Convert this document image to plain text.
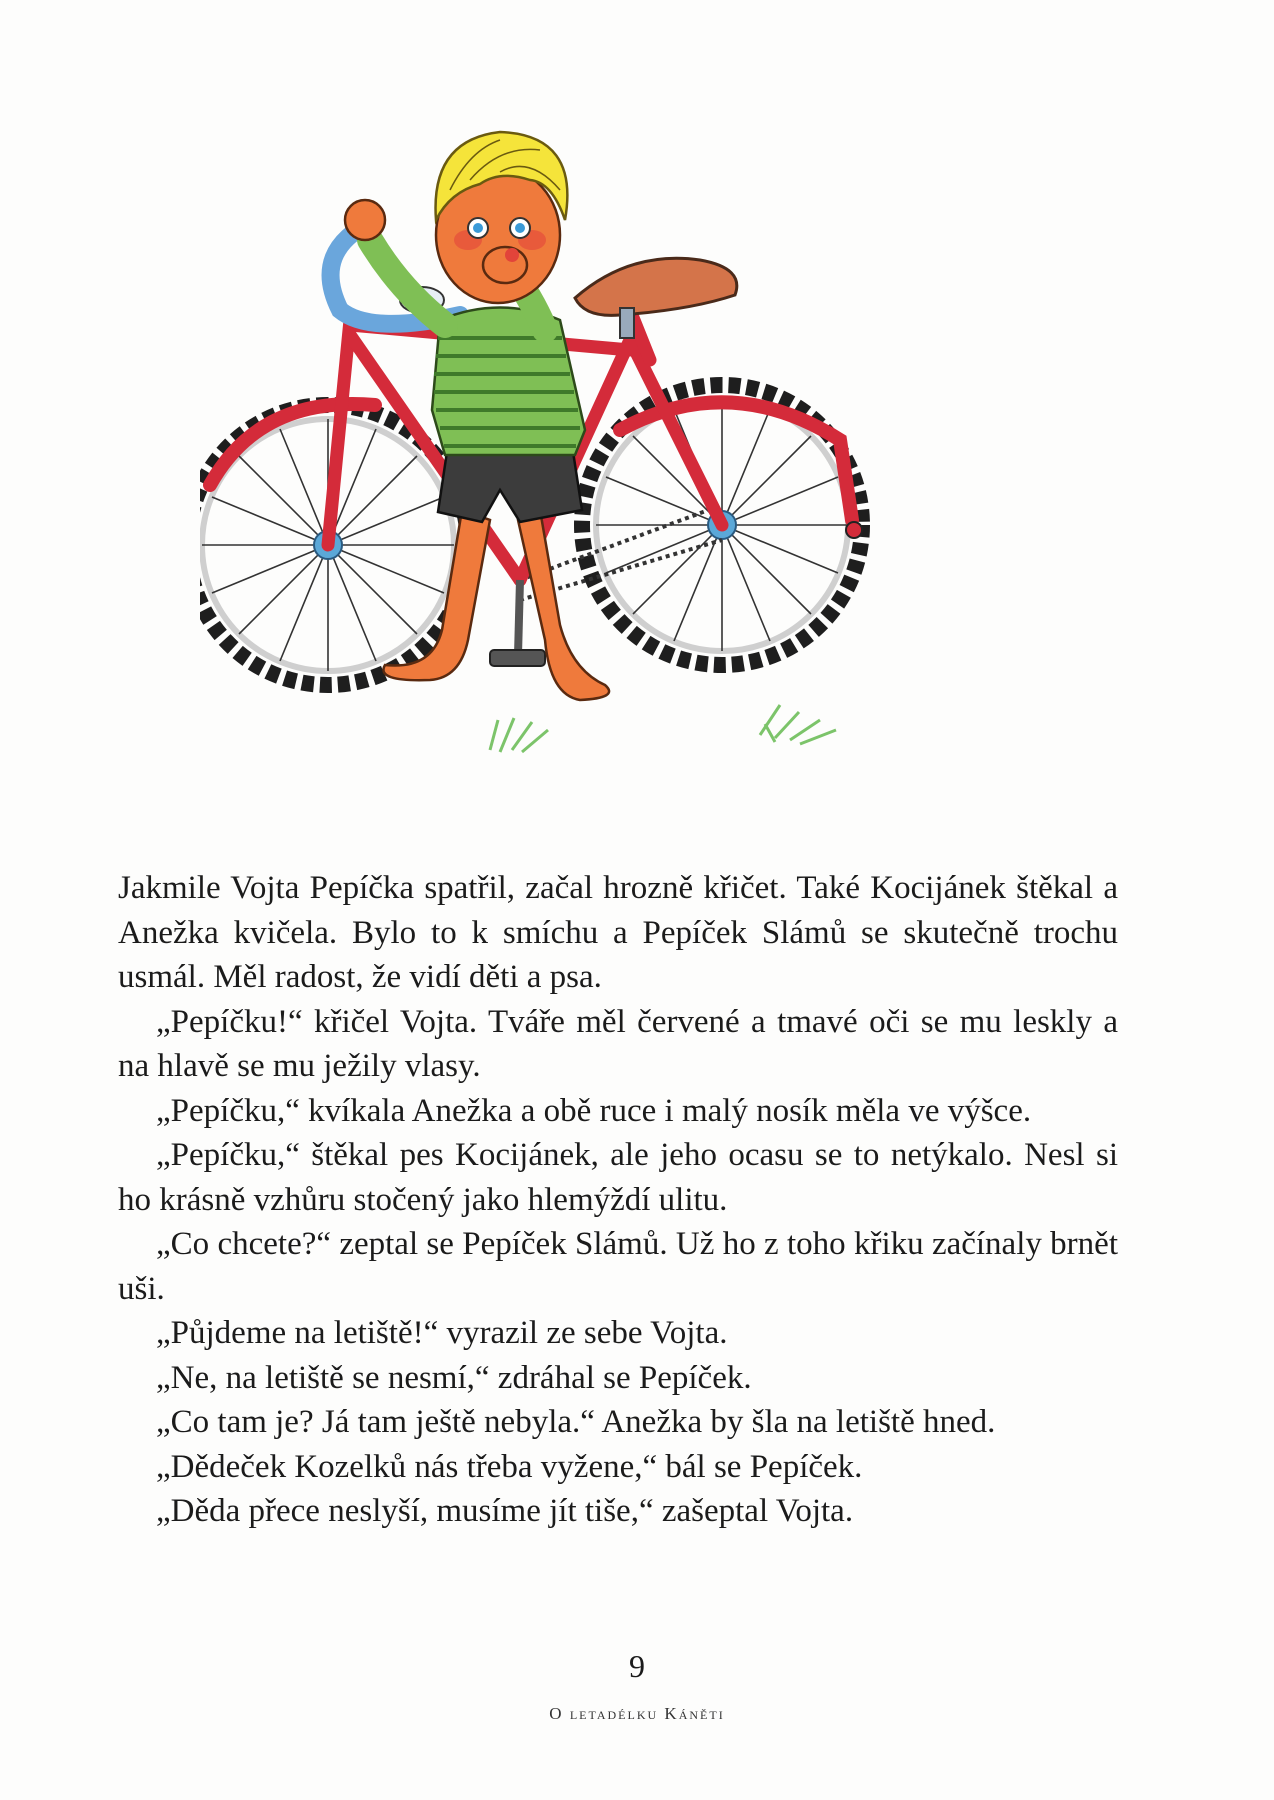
Jakmile Vojta Pepíčka spatřil, začal hrozně křičet. Také Kocijánek štěkal a Anežka kvičela. Bylo to k smíchu a Pepíček Slámů se skutečně trochu usmál. Měl radost, že vidí děti a psa.

„Pepíčku!“ křičel Vojta. Tváře měl červené a tmavé oči se mu leskly a na hlavě se mu ježily vlasy.

„Pepíčku,“ kvíkala Anežka a obě ruce i malý nosík měla ve výšce.

„Pepíčku,“ štěkal pes Kocijánek, ale jeho ocasu se to netýkalo. Nesl si ho krásně vzhůru stočený jako hlemýždí ulitu.

„Co chcete?“ zeptal se Pepíček Slámů. Už ho z toho křiku začínaly brnět uši.

„Půjdeme na letiště!“ vyrazil ze sebe Vojta.

„Ne, na letiště se nesmí,“ zdráhal se Pepíček.

„Co tam je? Já tam ještě nebyla.“ Anežka by šla na letiště hned.

„Dědeček Kozelků nás třeba vyžene,“ bál se Pepíček.

„Děda přece neslyší, musíme jít tiše,“ zašeptal Vojta.

9
O letadélku Káněti
